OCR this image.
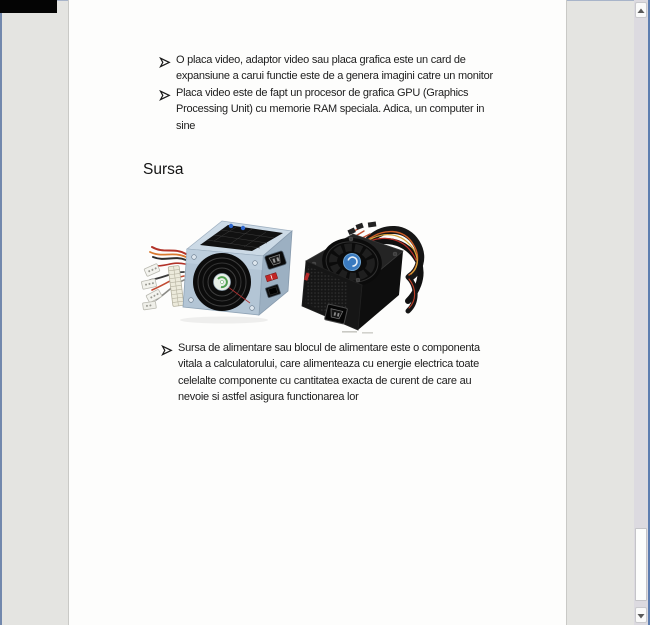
O placa video, adaptor video sau placa grafica este un card de
expansiune a carui functie este de a genera imagini catre un monitor
Placa video este de fapt un procesor de grafica GPU (Graphics
Processing Unit) cu memorie RAM speciala. Adica, un computer in
sine
Sursa
Sursa de alimentare sau blocul de alimentare este o componenta
vitala a calculatorului, care alimenteaza cu energie electrica toate
celelalte componente cu cantitatea exacta de curent de care au
nevoie si astfel asigura functionarea lor
